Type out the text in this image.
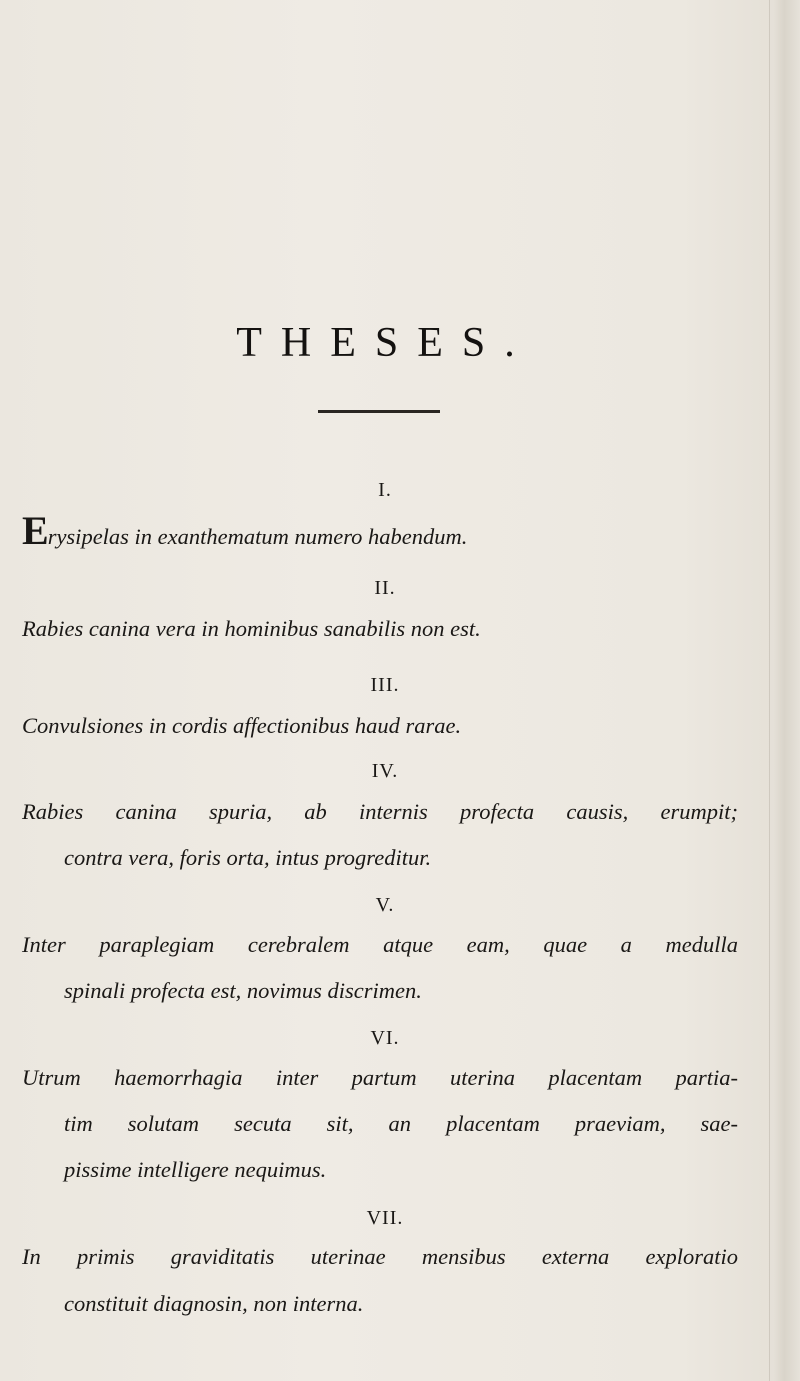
THESES.
I.
Erysipelas in exanthematum numero habendum.
II.
Rabies canina vera in hominibus sanabilis non est.
III.
Convulsiones in cordis affectionibus haud rarae.
IV.
Rabies canina spuria, ab internis profecta causis, erumpit;
contra vera, foris orta, intus progreditur.
V.
Inter paraplegiam cerebralem atque eam, quae a medulla
spinali profecta est, novimus discrimen.
VI.
Utrum haemorrhagia inter partum uterina placentam partia-
tim solutam secuta sit, an placentam praeviam, sae-
pissime intelligere nequimus.
VII.
In primis graviditatis uterinae mensibus externa exploratio
constituit diagnosin, non interna.
